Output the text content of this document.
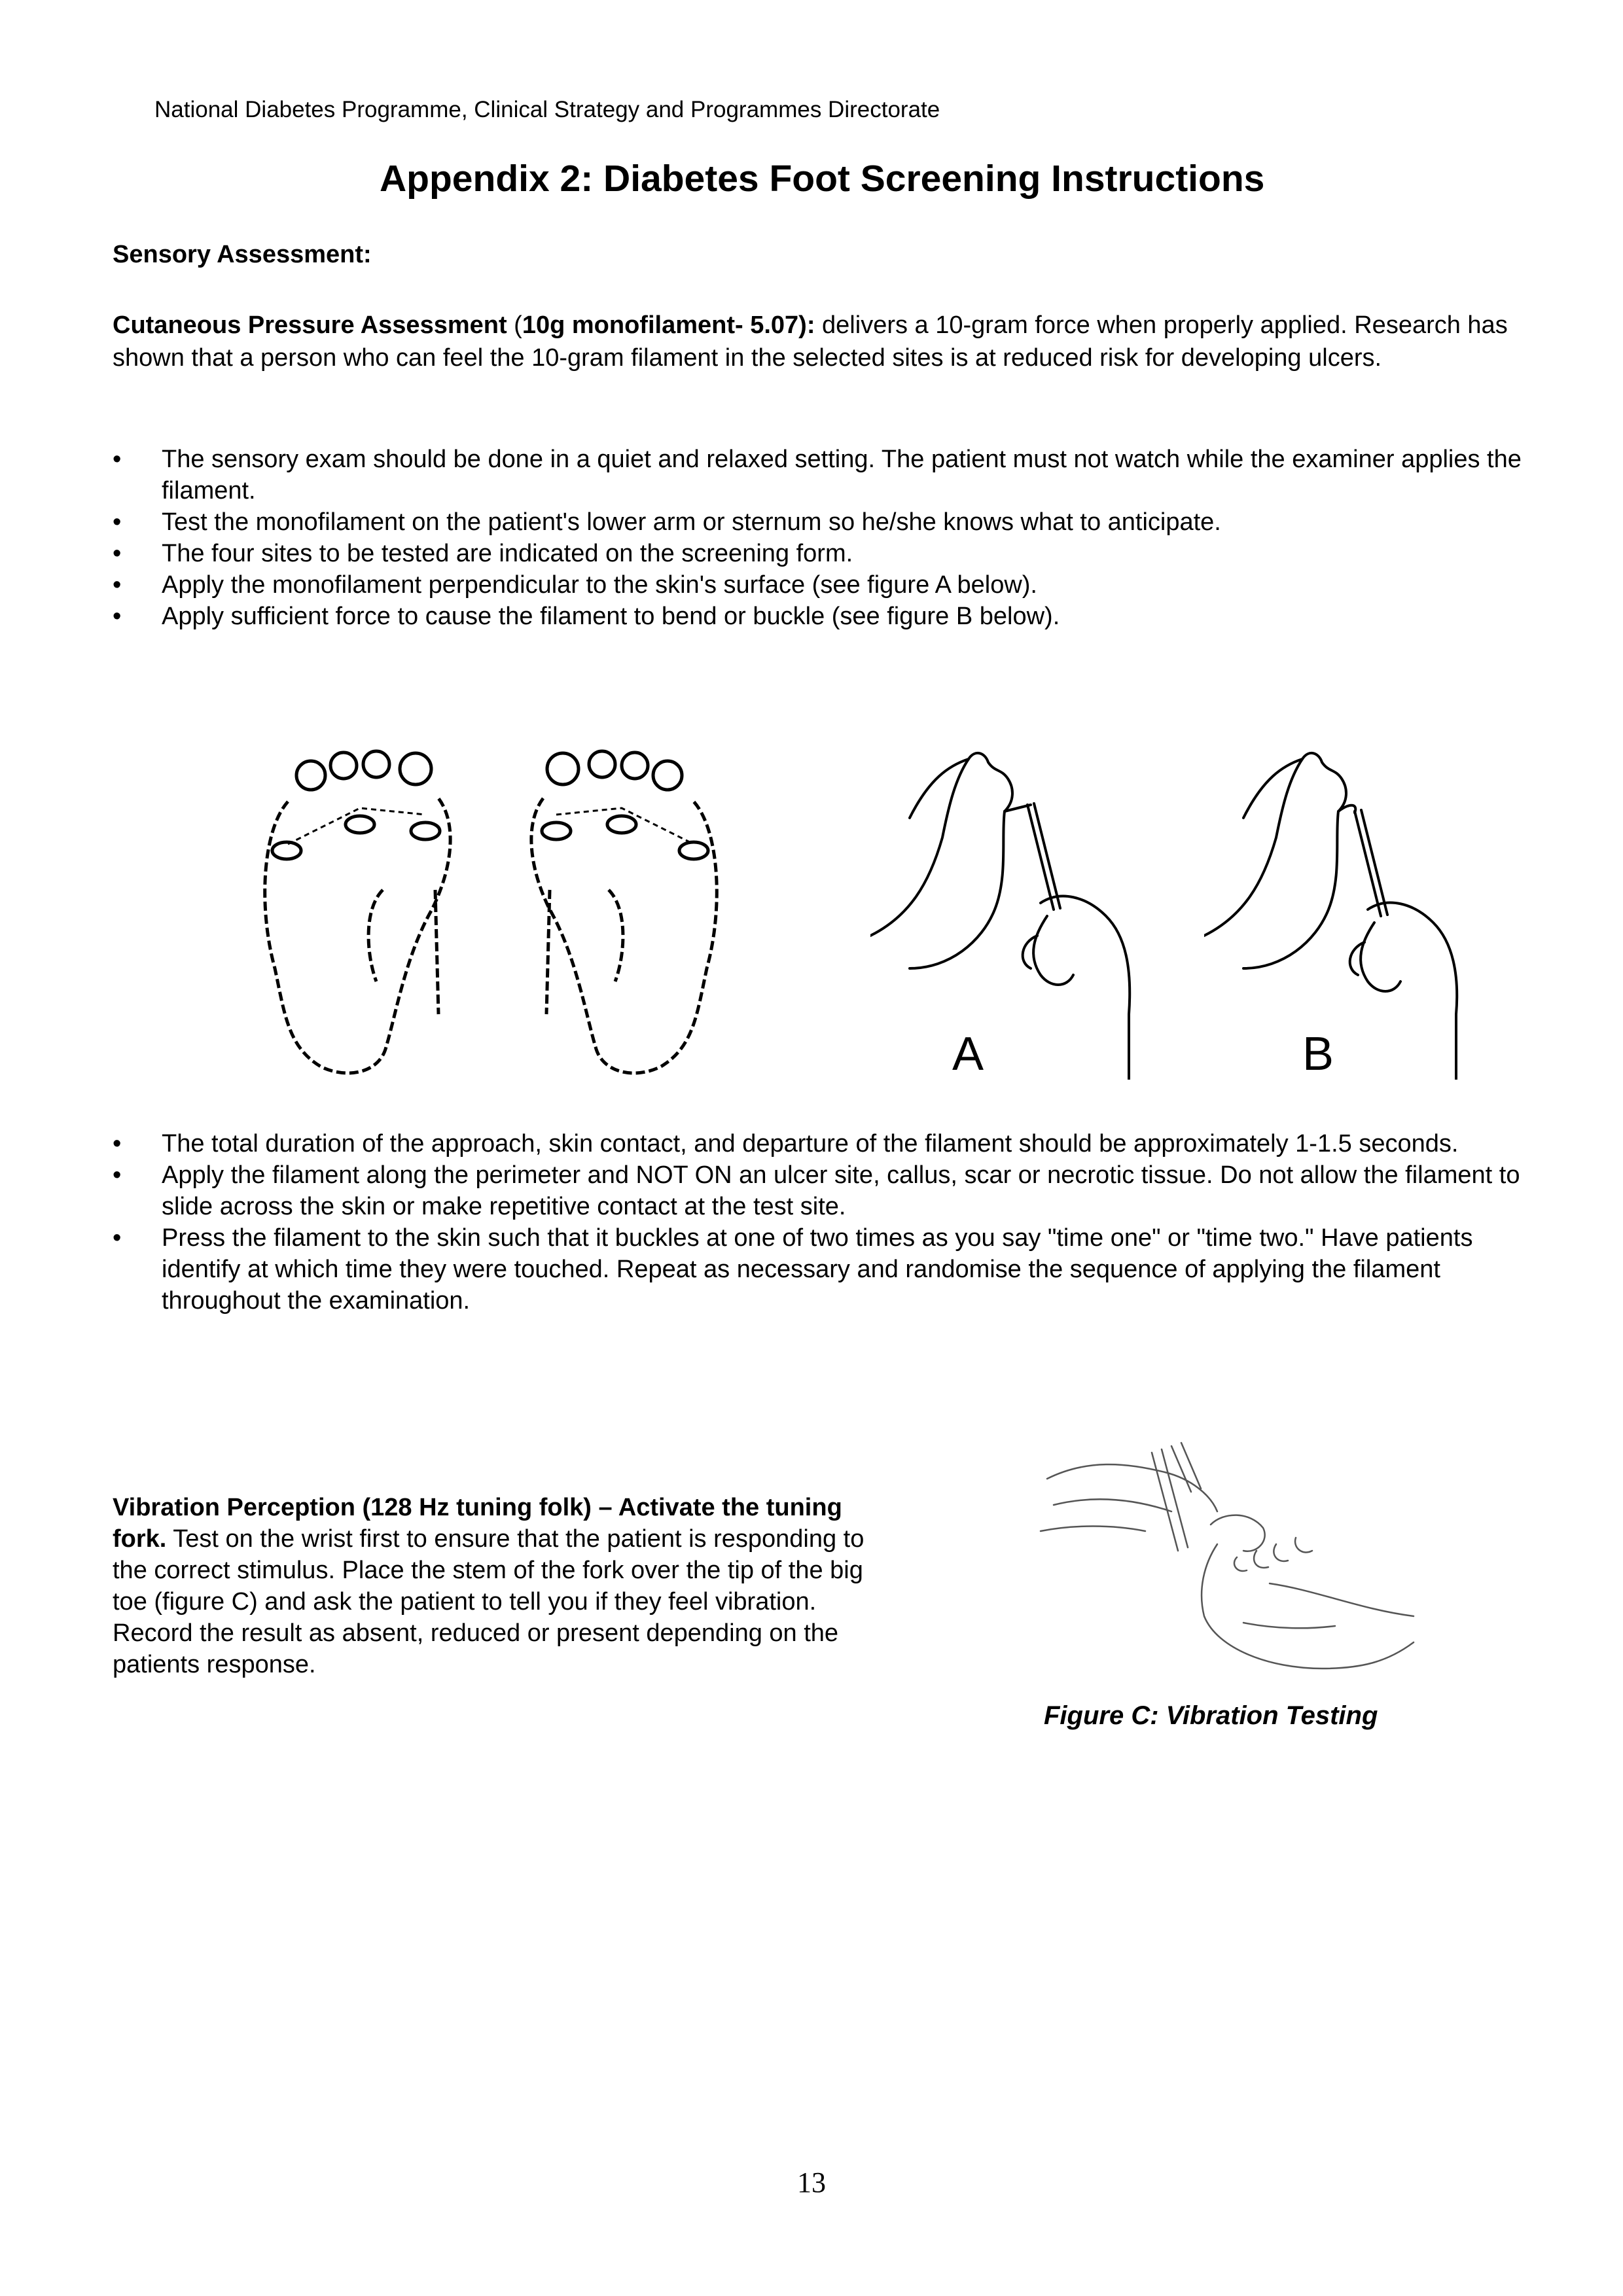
National Diabetes Programme, Clinical Strategy and Programmes Directorate
Appendix 2: Diabetes Foot Screening Instructions
Sensory Assessment:
Cutaneous Pressure Assessment (10g monofilament- 5.07): delivers a 10-gram force when properly applied. Research has shown that a person who can feel the 10-gram filament in the selected sites is at reduced risk for developing ulcers.
• The sensory exam should be done in a quiet and relaxed setting. The patient must not watch while the examiner applies the filament.
• Test the monofilament on the patient's lower arm or sternum so he/she knows what to anticipate.
• The four sites to be tested are indicated on the screening form.
• Apply the monofilament perpendicular to the skin's surface (see figure A below).
• Apply sufficient force to cause the filament to bend or buckle (see figure B below).
A	B
• The total duration of the approach, skin contact, and departure of the filament should be approximately 1-1.5 seconds.
• Apply the filament along the perimeter and NOT ON an ulcer site, callus, scar or necrotic tissue. Do not allow the filament to slide across the skin or make repetitive contact at the test site.
• Press the filament to the skin such that it buckles at one of two times as you say "time one" or "time two." Have patients identify at which time they were touched. Repeat as necessary and randomise the sequence of applying the filament throughout the examination.
Vibration Perception (128 Hz tuning folk) – Activate the tuning fork. Test on the wrist first to ensure that the patient is responding to the correct stimulus. Place the stem of the fork over the tip of the big toe (figure C) and ask the patient to tell you if they feel vibration. Record the result as absent, reduced or present depending on the patients response.
Figure C: Vibration Testing
13
